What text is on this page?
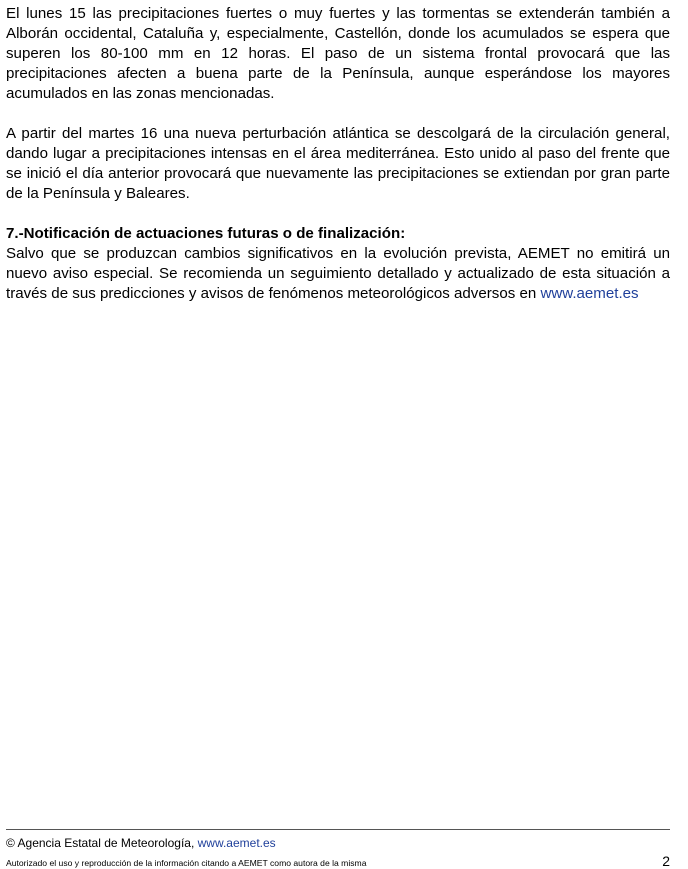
El lunes 15 las precipitaciones fuertes o muy fuertes y las tormentas se extenderán también a Alborán occidental, Cataluña y, especialmente, Castellón, donde los acumulados se espera que superen los 80-100 mm en 12 horas. El paso de un sistema frontal provocará que las precipitaciones afecten a buena parte de la Península, aunque esperándose los mayores acumulados en las zonas mencionadas.

A partir del martes 16 una nueva perturbación atlántica se descolgará de la circulación general, dando lugar a precipitaciones intensas en el área mediterránea. Esto unido al paso del frente que se inició el día anterior provocará que nuevamente las precipitaciones se extiendan por gran parte de la Península y Baleares.

7.-Notificación de actuaciones futuras o de finalización:

Salvo que se produzcan cambios significativos en la evolución prevista, AEMET no emitirá un nuevo aviso especial. Se recomienda un seguimiento detallado y actualizado de esta situación a través de sus predicciones y avisos de fenómenos meteorológicos adversos en www.aemet.es

© Agencia Estatal de Meteorología, www.aemet.es
Autorizado el uso y reproducción de la información citando a AEMET como autora de la misma	2
